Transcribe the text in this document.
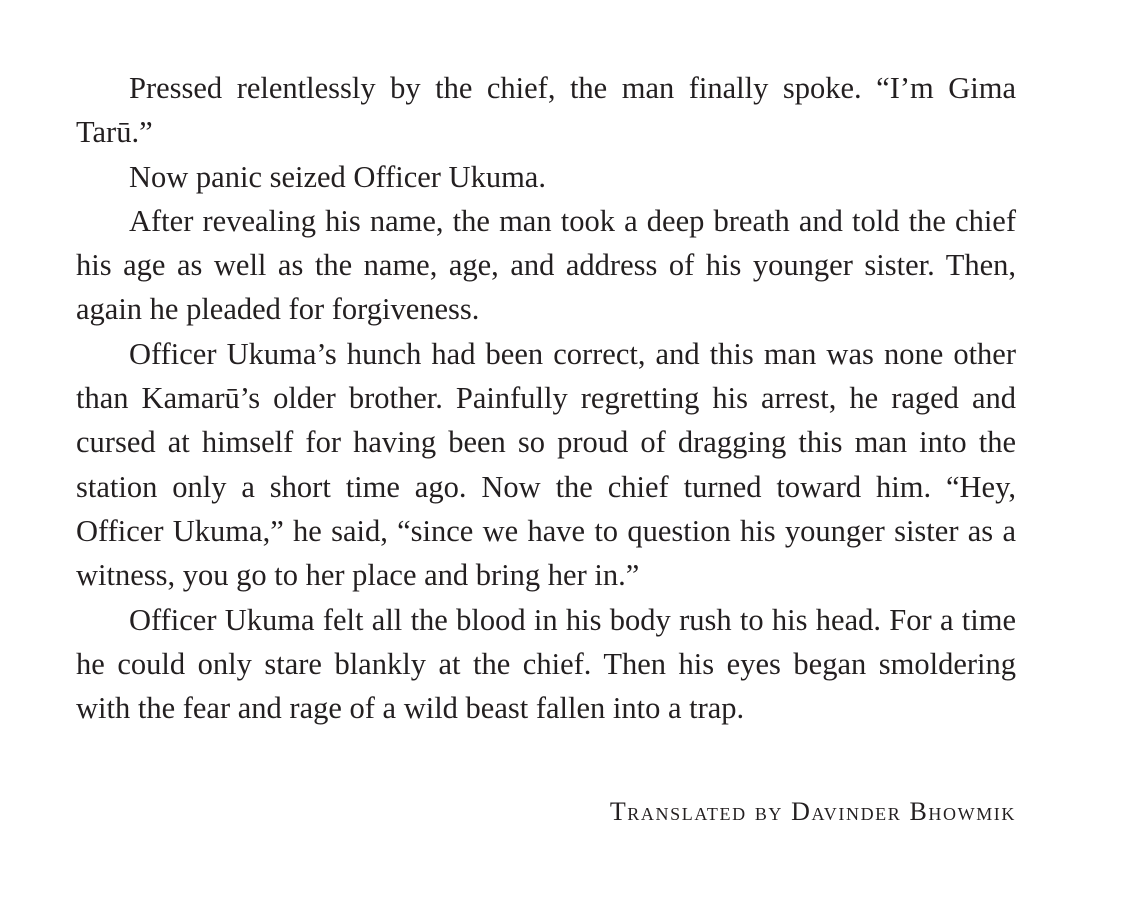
Pressed relentlessly by the chief, the man finally spoke. “I’m Gima Tarū.”

Now panic seized Officer Ukuma.

After revealing his name, the man took a deep breath and told the chief his age as well as the name, age, and address of his younger sister. Then, again he pleaded for forgiveness.

Officer Ukuma’s hunch had been correct, and this man was none other than Kamarū’s older brother. Painfully regretting his arrest, he raged and cursed at himself for having been so proud of dragging this man into the station only a short time ago. Now the chief turned toward him. “Hey, Officer Ukuma,” he said, “since we have to question his younger sister as a witness, you go to her place and bring her in.”

Officer Ukuma felt all the blood in his body rush to his head. For a time he could only stare blankly at the chief. Then his eyes began smoldering with the fear and rage of a wild beast fallen into a trap.

Translated by Davinder Bhowmik
